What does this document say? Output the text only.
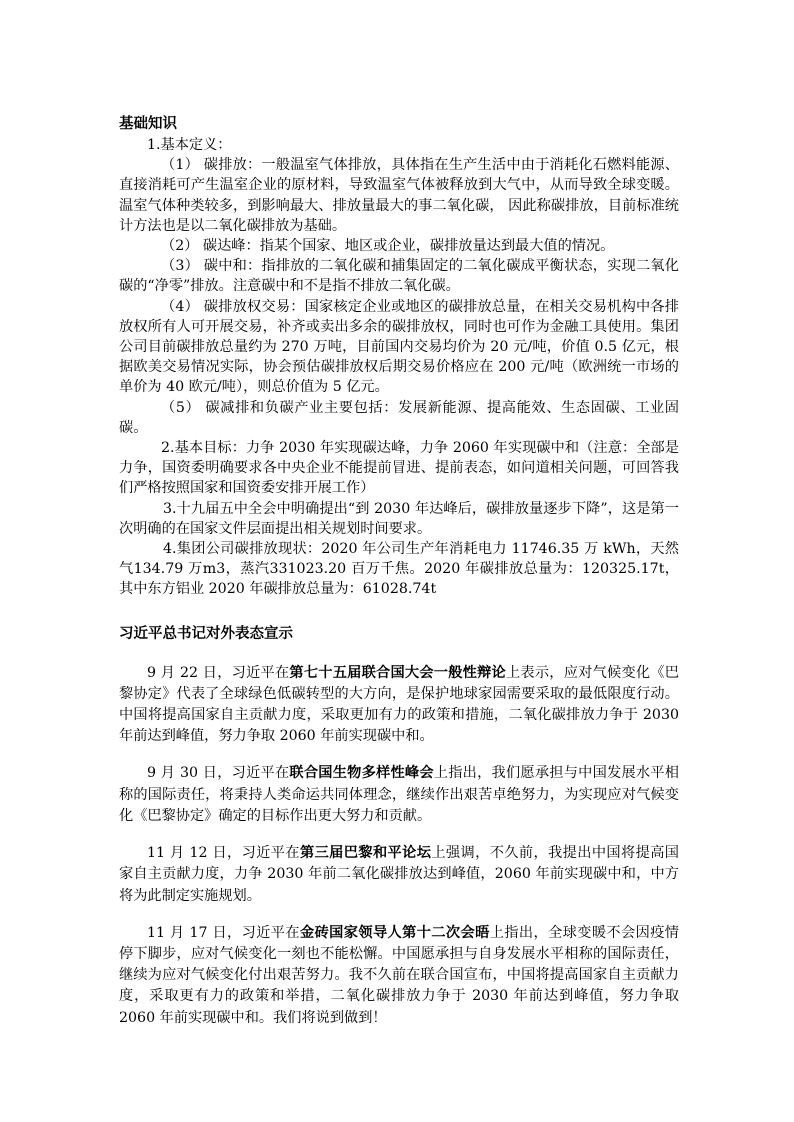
基础知识

1.基本定义：

（1） 碳排放：一般温室气体排放，具体指在生产生活中由于消耗化石燃料能源、直接消耗可产生温室企业的原材料，导致温室气体被释放到大气中，从而导致全球变暖。温室气体种类较多，到影响最大、排放量最大的事二氧化碳， 因此称碳排放，目前标准统计方法也是以二氧化碳排放为基础。

（2） 碳达峰：指某个国家、地区或企业，碳排放量达到最大值的情况。

（3） 碳中和：指排放的二氧化碳和捕集固定的二氧化碳成平衡状态，实现二氧化碳的“净零”排放。注意碳中和不是指不排放二氧化碳。

（4） 碳排放权交易：国家核定企业或地区的碳排放总量，在相关交易机构中各排放权所有人可开展交易，补齐或卖出多余的碳排放权，同时也可作为金融工具使用。集团公司目前碳排放总量约为 270 万吨，目前国内交易均价为 20 元/吨，价值 0.5 亿元，根据欧美交易情况实际，协会预估碳排放权后期交易价格应在 200 元/吨（欧洲统一市场的单价为 40 欧元/吨），则总价值为 5 亿元。

（5） 碳减排和负碳产业主要包括：发展新能源、提高能效、生态固碳、工业固碳。

2.基本目标：力争 2030 年实现碳达峰，力争 2060 年实现碳中和（注意：全部是力争，国资委明确要求各中央企业不能提前冒进、提前表态，如问道相关问题，可回答我们严格按照国家和国资委安排开展工作）

3.十九届五中全会中明确提出“到 2030 年达峰后，碳排放量逐步下降”，这是第一次明确的在国家文件层面提出相关规划时间要求。

4.集团公司碳排放现状：2020 年公司生产年消耗电力 11746.35 万 kWh，天然气134.79 万m3，蒸汽331023.20 百万千焦。2020 年碳排放总量为：120325.17t，其中东方铝业 2020 年碳排放总量为：61028.74t

习近平总书记对外表态宣示

9 月 22 日，习近平在第七十五届联合国大会一般性辩论上表示，应对气候变化《巴黎协定》代表了全球绿色低碳转型的大方向，是保护地球家园需要采取的最低限度行动。中国将提高国家自主贡献力度，采取更加有力的政策和措施，二氧化碳排放力争于 2030 年前达到峰值，努力争取 2060 年前实现碳中和。

9 月 30 日，习近平在联合国生物多样性峰会上指出，我们愿承担与中国发展水平相称的国际责任，将秉持人类命运共同体理念，继续作出艰苦卓绝努力，为实现应对气候变化《巴黎协定》确定的目标作出更大努力和贡献。

11 月 12 日，习近平在第三届巴黎和平论坛上强调，不久前，我提出中国将提高国家自主贡献力度，力争 2030 年前二氧化碳排放达到峰值，2060 年前实现碳中和，中方将为此制定实施规划。

11 月 17 日，习近平在金砖国家领导人第十二次会晤上指出，全球变暖不会因疫情停下脚步，应对气候变化一刻也不能松懈。中国愿承担与自身发展水平相称的国际责任，继续为应对气候变化付出艰苦努力。我不久前在联合国宣布，中国将提高国家自主贡献力度，采取更有力的政策和举措，二氧化碳排放力争于 2030 年前达到峰值，努力争取 2060 年前实现碳中和。我们将说到做到！
